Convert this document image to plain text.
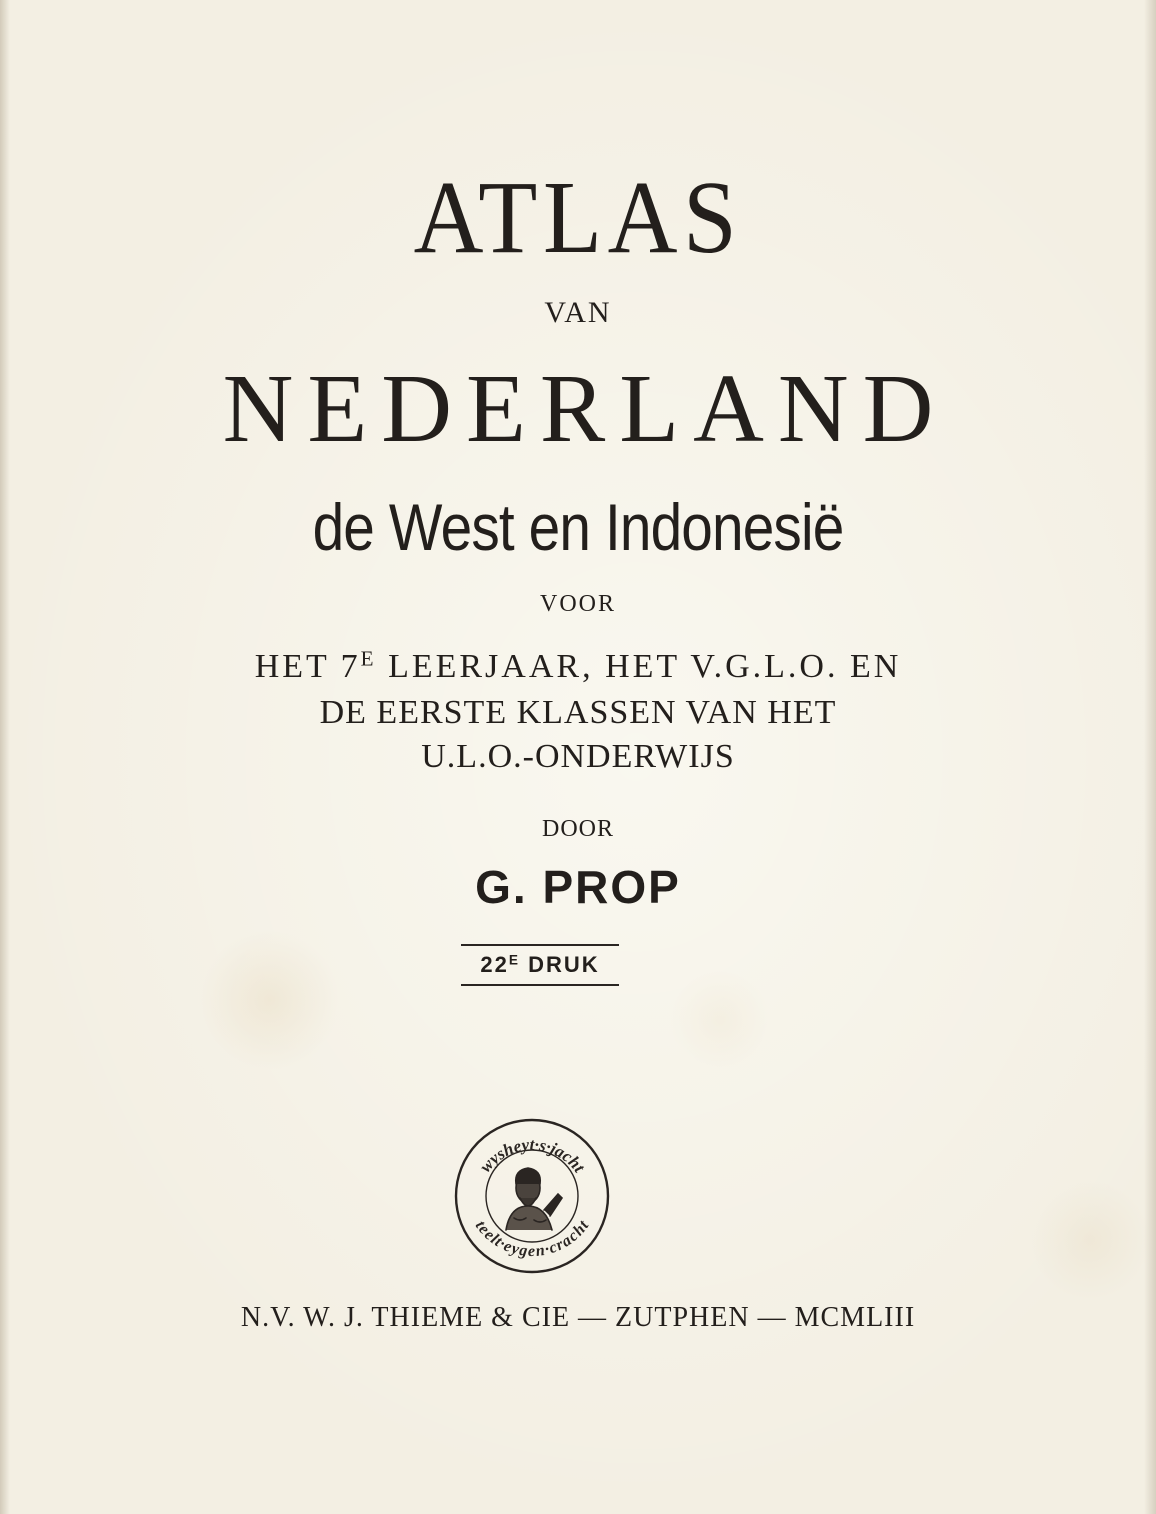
ATLAS
VAN
NEDERLAND
de West en Indonesië
VOOR
HET $7^E$ LEERJAAR, HET V.G.L.O. EN
DE EERSTE KLASSEN VAN HET
U.L.O.-ONDERWIJS
DOOR
G. PROP
$22^E$ DRUK
wysheyt·s·jacht
teelt·eygen·cracht
N.V. W. J. THIEME & CIE — ZUTPHEN — MCMLIII
